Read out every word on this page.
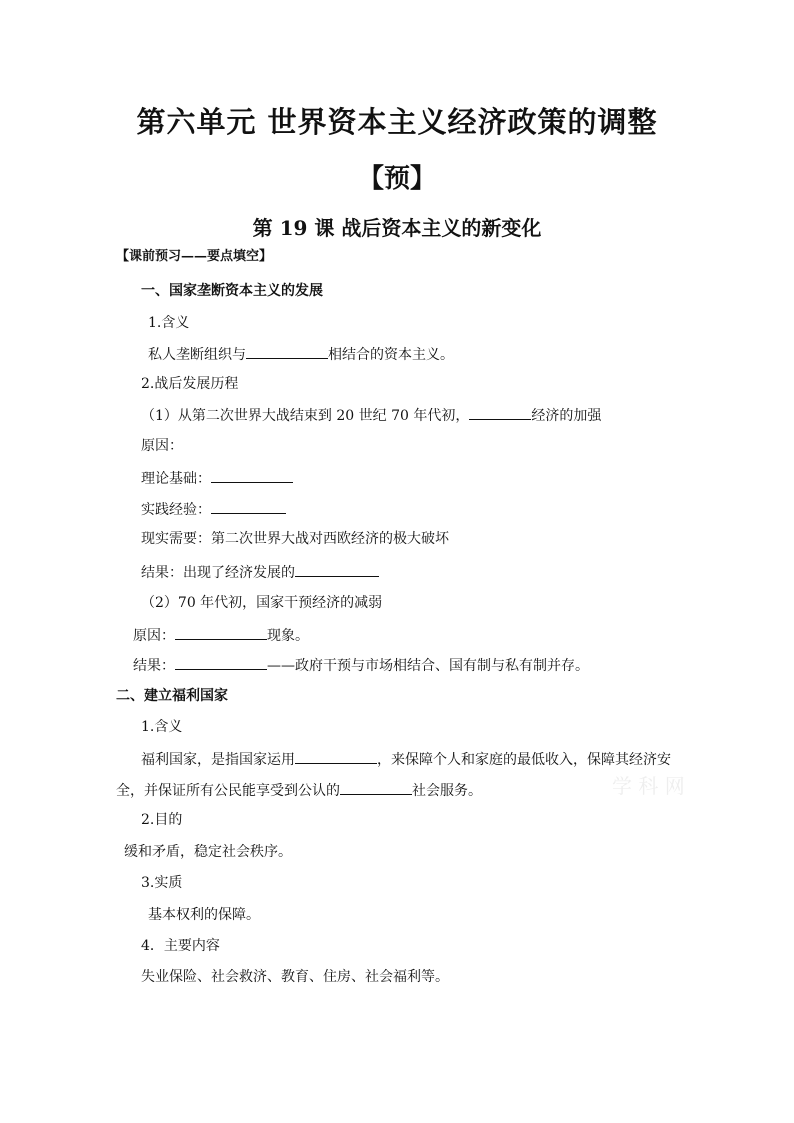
第六单元 世界资本主义经济政策的调整
【预】
第 19 课 战后资本主义的新变化
【课前预习——要点填空】
一、国家垄断资本主义的发展
1.含义
私人垄断组织与	相结合的资本主义。
2.战后发展历程
（1）从第二次世界大战结束到 20 世纪 70 年代初，	经济的加强
原因：
理论基础：
实践经验：
现实需要：第二次世界大战对西欧经济的极大破坏
结果：出现了经济发展的
（2）70 年代初，国家干预经济的减弱
原因：	现象。
结果：	——政府干预与市场相结合、国有制与私有制并存。
二、建立福利国家
1.含义
福利国家，是指国家运用	，来保障个人和家庭的最低收入，保障其经济安
全，并保证所有公民能享受到公认的	社会服务。
2.目的
缓和矛盾，稳定社会秩序。
3.实质
基本权利的保障。
4．主要内容
失业保险、社会救济、教育、住房、社会福利等。
学 科 网
